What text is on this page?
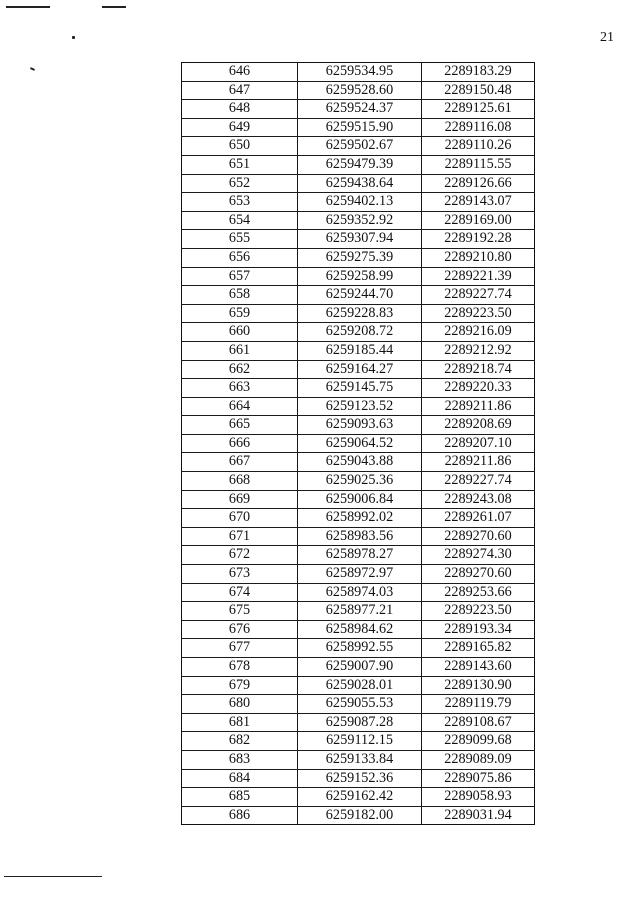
21
646	6259534.95	2289183.29
647	6259528.60	2289150.48
648	6259524.37	2289125.61
649	6259515.90	2289116.08
650	6259502.67	2289110.26
651	6259479.39	2289115.55
652	6259438.64	2289126.66
653	6259402.13	2289143.07
654	6259352.92	2289169.00
655	6259307.94	2289192.28
656	6259275.39	2289210.80
657	6259258.99	2289221.39
658	6259244.70	2289227.74
659	6259228.83	2289223.50
660	6259208.72	2289216.09
661	6259185.44	2289212.92
662	6259164.27	2289218.74
663	6259145.75	2289220.33
664	6259123.52	2289211.86
665	6259093.63	2289208.69
666	6259064.52	2289207.10
667	6259043.88	2289211.86
668	6259025.36	2289227.74
669	6259006.84	2289243.08
670	6258992.02	2289261.07
671	6258983.56	2289270.60
672	6258978.27	2289274.30
673	6258972.97	2289270.60
674	6258974.03	2289253.66
675	6258977.21	2289223.50
676	6258984.62	2289193.34
677	6258992.55	2289165.82
678	6259007.90	2289143.60
679	6259028.01	2289130.90
680	6259055.53	2289119.79
681	6259087.28	2289108.67
682	6259112.15	2289099.68
683	6259133.84	2289089.09
684	6259152.36	2289075.86
685	6259162.42	2289058.93
686	6259182.00	2289031.94
